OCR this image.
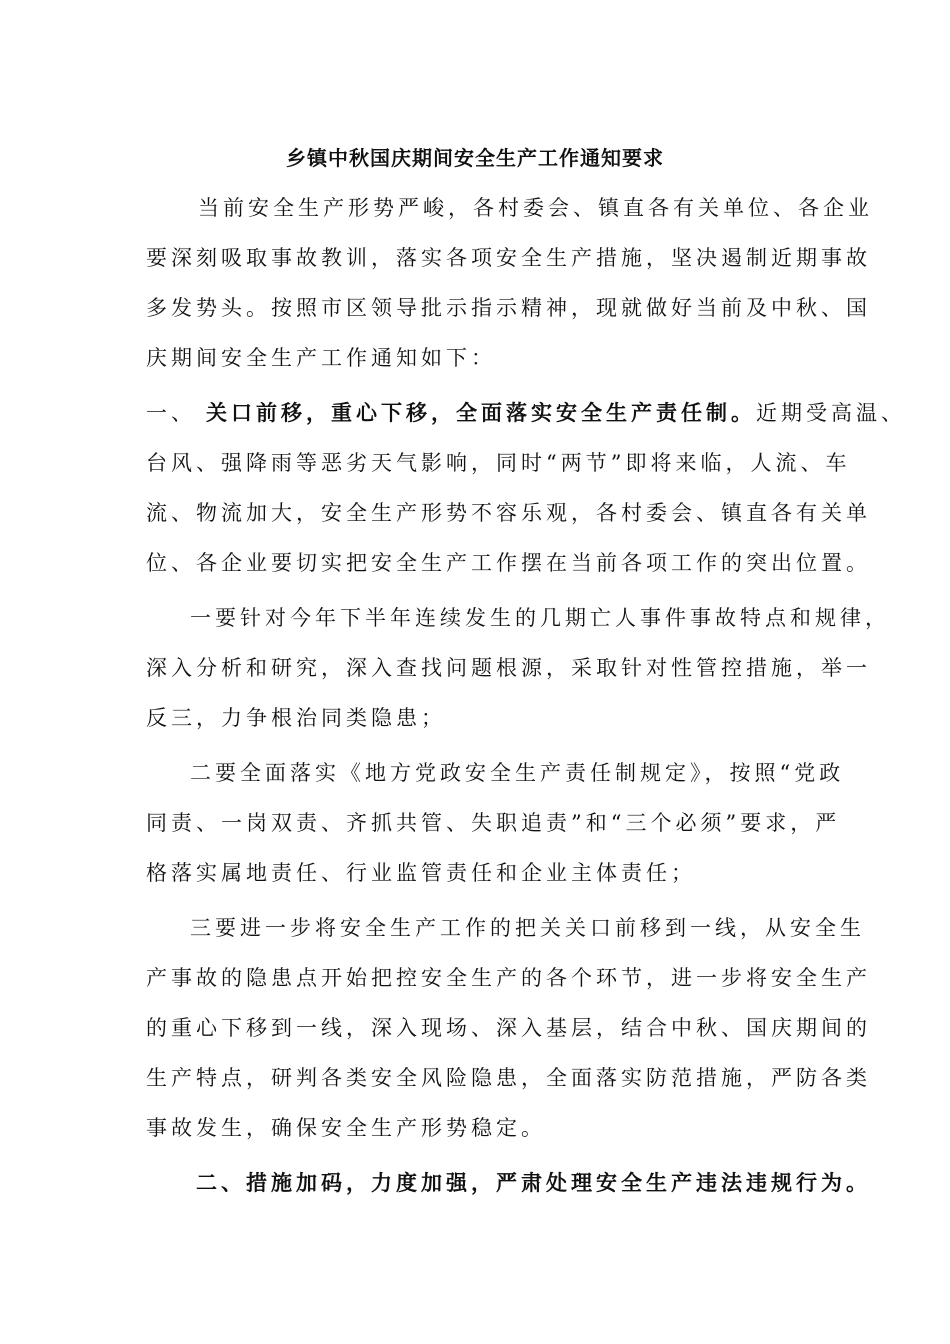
乡镇中秋国庆期间安全生产工作通知要求
当前安全生产形势严峻，各村委会、镇直各有关单位、各企业
要深刻吸取事故教训，落实各项安全生产措施，坚决遏制近期事故
多发势头。按照市区领导批示指示精神，现就做好当前及中秋、国
庆期间安全生产工作通知如下：
一、 关口前移，重心下移，全面落实安全生产责任制。近期受高温、
台风、强降雨等恶劣天气影响，同时“两节”即将来临，人流、车
流、物流加大，安全生产形势不容乐观，各村委会、镇直各有关单
位、各企业要切实把安全生产工作摆在当前各项工作的突出位置。
一要针对今年下半年连续发生的几期亡人事件事故特点和规律，
深入分析和研究，深入查找问题根源，采取针对性管控措施，举一
反三，力争根治同类隐患；
二要全面落实《地方党政安全生产责任制规定》，按照“党政
同责、一岗双责、齐抓共管、失职追责”和“三个必须”要求，严
格落实属地责任、行业监管责任和企业主体责任；
三要进一步将安全生产工作的把关关口前移到一线，从安全生
产事故的隐患点开始把控安全生产的各个环节，进一步将安全生产
的重心下移到一线，深入现场、深入基层，结合中秋、国庆期间的
生产特点，研判各类安全风险隐患，全面落实防范措施，严防各类
事故发生，确保安全生产形势稳定。
二、措施加码，力度加强，严肃处理安全生产违法违规行为。
